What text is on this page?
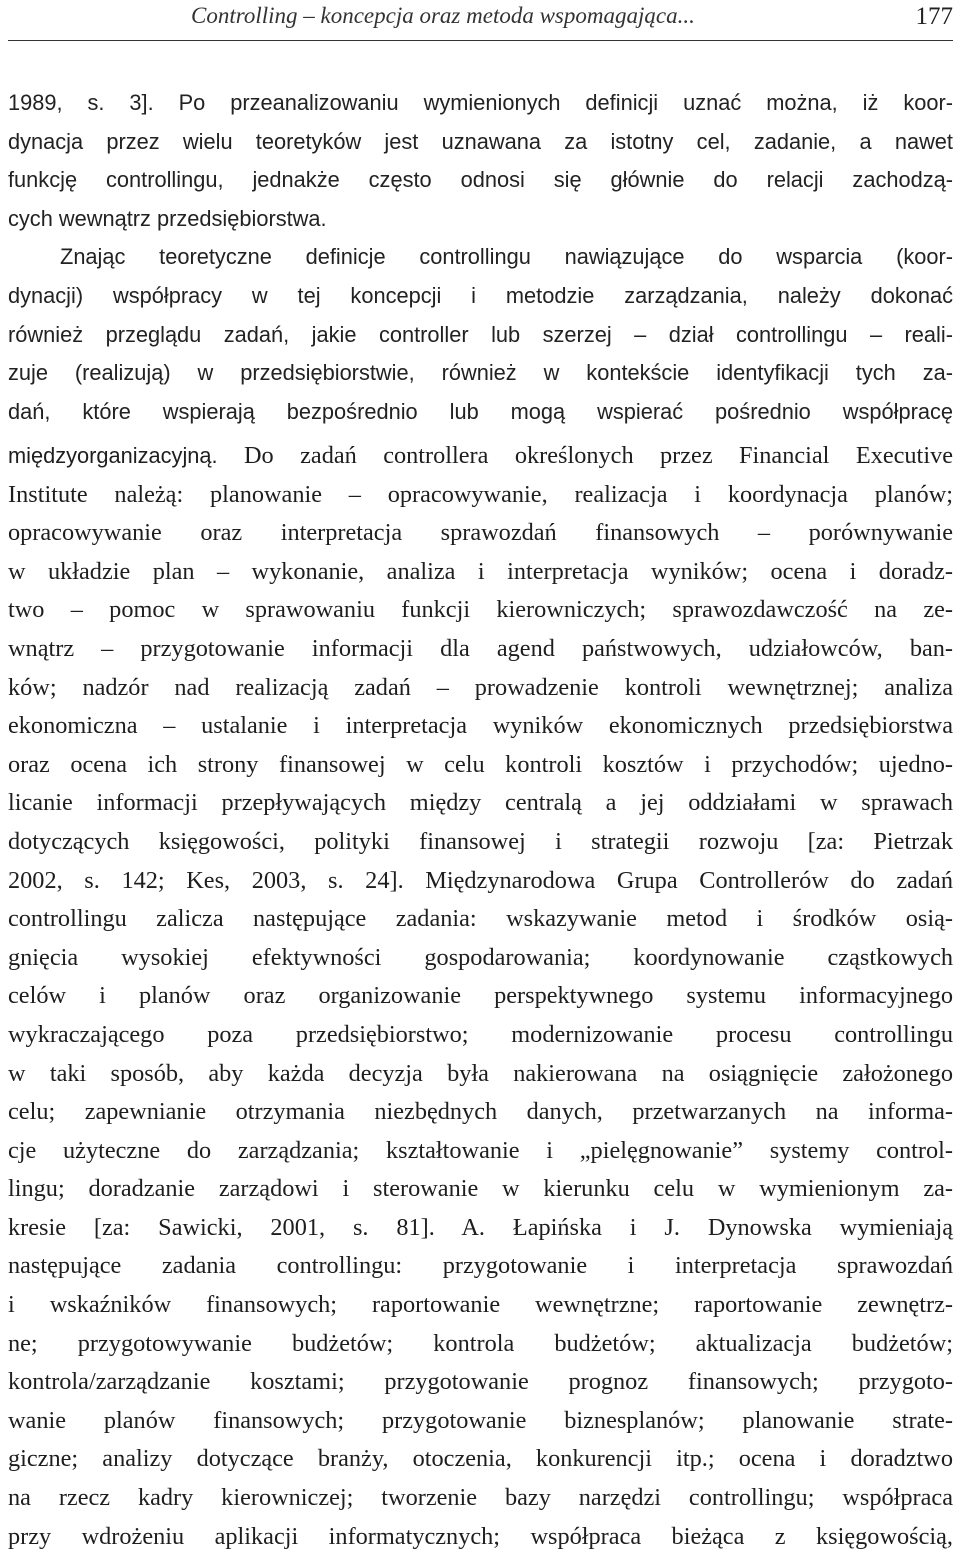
Controlling – koncepcja oraz metoda wspomagająca...	177
1989, s. 3]. Po przeanalizowaniu wymienionych definicji uznać można, iż koor-
dynacja przez wielu teoretyków jest uznawana za istotny cel, zadanie, a nawet
funkcję controllingu, jednakże często odnosi się głównie do relacji zachodzą-
cych wewnątrz przedsiębiorstwa.
Znając teoretyczne definicje controllingu nawiązujące do wsparcia (koor-
dynacji) współpracy w tej koncepcji i metodzie zarządzania, należy dokonać
również przeglądu zadań, jakie controller lub szerzej – dział controllingu – reali-
zuje (realizują) w przedsiębiorstwie, również w kontekście identyfikacji tych za-
dań, które wspierają bezpośrednio lub mogą wspierać pośrednio współpracę
międzyorganizacyjną. Do zadań controllera określonych przez Financial Executive
Institute należą: planowanie – opracowywanie, realizacja i koordynacja planów;
opracowywanie oraz interpretacja sprawozdań finansowych – porównywanie
w układzie plan – wykonanie, analiza i interpretacja wyników; ocena i doradz-
two – pomoc w sprawowaniu funkcji kierowniczych; sprawozdawczość na ze-
wnątrz – przygotowanie informacji dla agend państwowych, udziałowców, ban-
ków; nadzór nad realizacją zadań – prowadzenie kontroli wewnętrznej; analiza
ekonomiczna – ustalanie i interpretacja wyników ekonomicznych przedsiębiorstwa
oraz ocena ich strony finansowej w celu kontroli kosztów i przychodów; ujedno-
licanie informacji przepływających między centralą a jej oddziałami w sprawach
dotyczących księgowości, polityki finansowej i strategii rozwoju [za: Pietrzak
2002, s. 142; Kes, 2003, s. 24]. Międzynarodowa Grupa Controllerów do zadań
controllingu zalicza następujące zadania: wskazywanie metod i środków osią-
gnięcia wysokiej efektywności gospodarowania; koordynowanie cząstkowych
celów i planów oraz organizowanie perspektywnego systemu informacyjnego
wykraczającego poza przedsiębiorstwo; modernizowanie procesu controllingu
w taki sposób, aby każda decyzja była nakierowana na osiągnięcie założonego
celu; zapewnianie otrzymania niezbędnych danych, przetwarzanych na informa-
cje użyteczne do zarządzania; kształtowanie i „pielęgnowanie” systemy control-
lingu; doradzanie zarządowi i sterowanie w kierunku celu w wymienionym za-
kresie [za: Sawicki, 2001, s. 81]. A. Łapińska i J. Dynowska wymieniają
następujące zadania controllingu: przygotowanie i interpretacja sprawozdań
i wskaźników finansowych; raportowanie wewnętrzne; raportowanie zewnętrz-
ne; przygotowywanie budżetów; kontrola budżetów; aktualizacja budżetów;
kontrola/zarządzanie kosztami; przygotowanie prognoz finansowych; przygoto-
wanie planów finansowych; przygotowanie biznesplanów; planowanie strate-
giczne; analizy dotyczące branży, otoczenia, konkurencji itp.; ocena i doradztwo
na rzecz kadry kierowniczej; tworzenie bazy narzędzi controllingu; współpraca
przy wdrożeniu aplikacji informatycznych; współpraca bieżąca z księgowością,
